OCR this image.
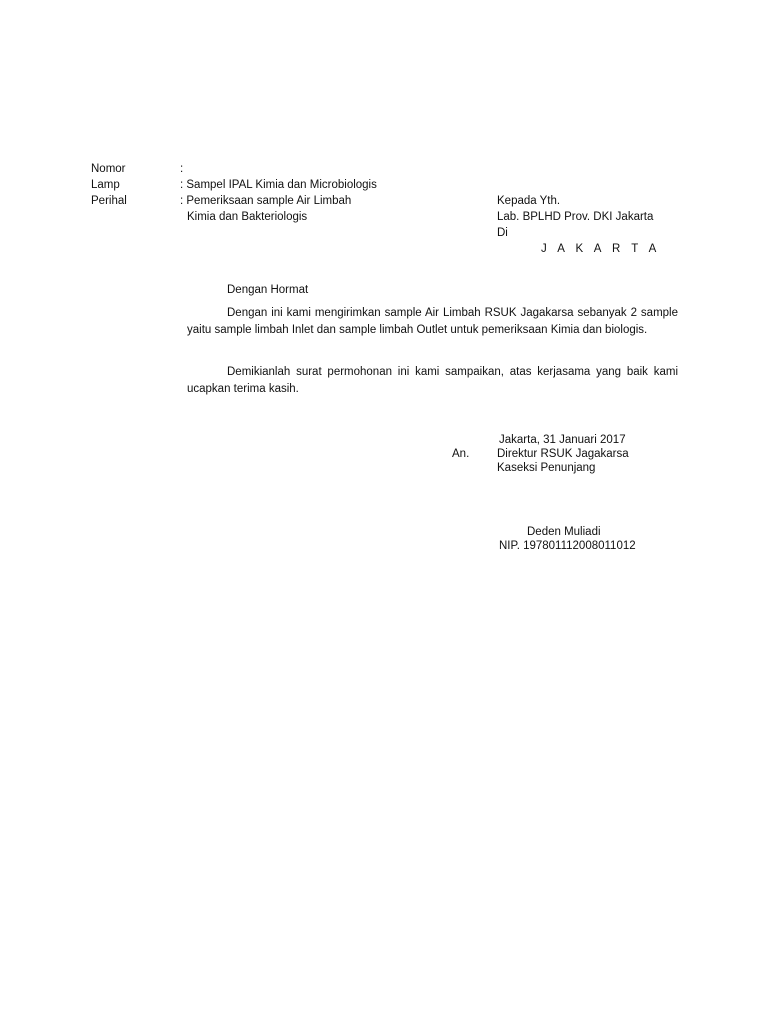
Nomor	:
Lamp	: Sampel IPAL Kimia dan Microbiologis
Perihal	: Pemeriksaan sample Air Limbah
Kimia dan Bakteriologis
Kepada Yth.
Lab. BPLHD Prov. DKI Jakarta
Di
J A K A R T A
Dengan Hormat
Dengan ini kami mengirimkan sample Air Limbah RSUK Jagakarsa sebanyak 2 sample yaitu sample limbah Inlet dan sample limbah Outlet untuk pemeriksaan Kimia dan biologis.
Demikianlah surat permohonan ini kami sampaikan, atas kerjasama yang baik kami ucapkan terima kasih.
Jakarta, 31 Januari 2017
An. Direktur RSUK Jagakarsa
Kaseksi Penunjang
Deden Muliadi
NIP. 197801112008011012
